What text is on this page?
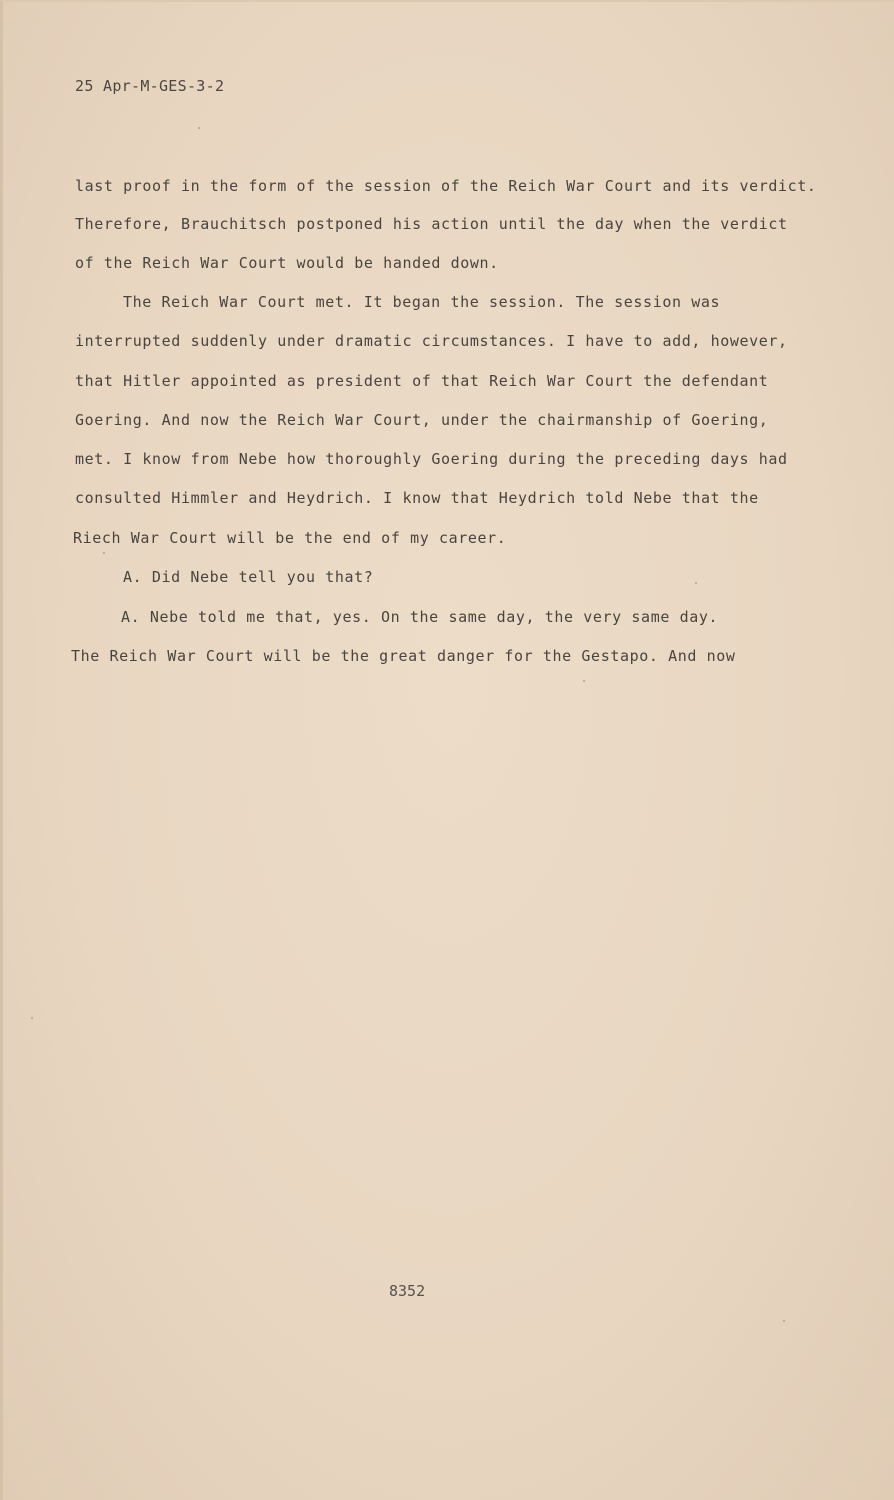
25 Apr-M-GES-3-2
last proof in the form of the session of the Reich War Court and its verdict.
Therefore, Brauchitsch postponed his action until the day when the verdict
of the Reich War Court would be handed down.
The Reich War Court met. It began the session. The session was
interrupted suddenly under dramatic circumstances. I have to add, however,
that Hitler appointed as president of that Reich War Court the defendant
Goering. And now the Reich War Court, under the chairmanship of Goering,
met. I know from Nebe how thoroughly Goering during the preceding days had
consulted Himmler and Heydrich. I know that Heydrich told Nebe that the
Riech War Court will be the end of my career.
A. Did Nebe tell you that?
A. Nebe told me that, yes. On the same day, the very same day.
The Reich War Court will be the great danger for the Gestapo. And now
8352
